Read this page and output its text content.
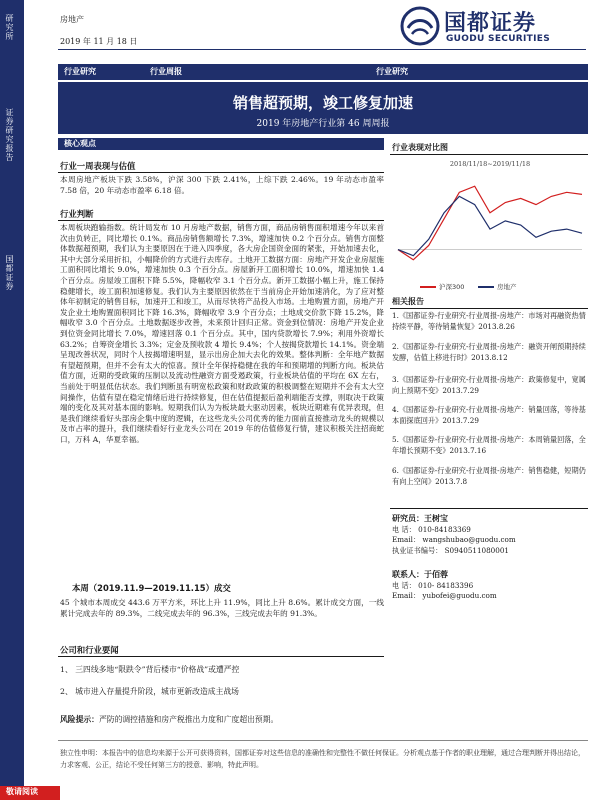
研究所
证券研究报告
国都证券
房地产
2019 年 11 月 18 日
国都证券
GUODU SECURITIES
行业研究	行业周报	行业研究
销售超预期，竣工修复加速
2019 年房地产行业第 46 周周报
核心观点
行业一周表现与估值
本周房地产板块下跌 3.58%，沪深 300 下跌 2.41%，上综下跌 2.46%。19 年动态市盈率 7.58 倍，20 年动态市盈率 6.18 倍。
行业判断
本周板块跑输指数。统计局发布 10 月房地产数据，销售方面，商品房销售面积增速今年以来首次由负转正，同比增长 0.1%。商品房销售额增长 7.3%，增速加快 0.2 个百分点。销售方面整体数据超预期，我们认为主要原因在于进入四季度，各大房企国资金面的紧张，开始加速去化，其中大部分采用折扣，小幅降价的方式进行去库存。土地开工数据方面：房地产开发企业房屋施工面积同比增长 9.0%，增速加快 0.3 个百分点。房屋新开工面积增长 10.0%，增速加快 1.4 个百分点。房屋竣工面积下降 5.5%，降幅收窄 3.1 个百分点。新开工数据小幅上升，施工保持稳健增长，竣工面积加速修复。我们认为主要原因依然在于当前房企开始加速消化，为了应对整体年初制定的销售目标，加速开工和竣工，从而尽快将产品投入市场。土地购置方面，房地产开发企业土地购置面积同比下降 16.3%，降幅收窄 3.9 个百分点；土地成交价款下降 15.2%，降幅收窄 3.0 个百分点。土地数据逐步改善，未来预计回归正常。资金到位情况：房地产开发企业到位资金同比增长 7.0%，增速回落 0.1 个百分点。其中，国内贷款增长 7.9%；利用外资增长 63.2%；自筹资金增长 3.3%；定金及预收款 4 增长 9.4%；个人按揭贷款增长 14.1%。资金端呈现改善状况，同时个人按揭增速明显，显示出房企加大去化的效果。整体判断：全年地产数据有望超预期，但并不会有太大的惊喜。预计全年保持稳健在我的年和预期增的判断方向。板块估值方面，近期的受政策的压制以及流动性融资方面受遏政策，行业板块估值的平均在 6X 左右，当前处于明显低估状态。我们判断虽有明宽松政策和财政政策的积极调整在短期并不会有太大空间操作，估值有望在稳定情绪后进行持续修复，但在估值提振后盈利端能否支撑，则取决于政策端的变化及其对基本面的影响。短期我们认为为板块最大驱动因素，板块近期难有优异表现，但是我们继续看好头部房企集中度的逻辑，在这些龙头公司优秀的能力面前直接推动龙头的规模以及市占率的提升，我们继续看好行业龙头公司在 2019 年的估值修复行情，建议积极关注招商蛇口，万科 A，华夏幸福。
本周（2019.11.9—2019.11.15）成交
45 个城市本周成交 443.6 万平方米，环比上升 11.9%，同比上升 8.6%。累计成交方面，一线累计完成去年的 89.3%，二线完成去年的 96.3%，三线完成去年的 91.3%。
公司和行业要闻
1、 三四线多地“限跌令”背后楼市“价格战”或遭严控
2、 城市进入存量提升阶段，城市更新改造成主战场
风险提示：严防的调控措施和房产税推出力度和广度超出预期。

独立性申明：本报告中的信息均来源于公开可获得资料，国都证券对这些信息的准确性和完整性不做任何保证。分析观点基于作者的职业理解，通过合理判断并得出结论，力求客观、公正，结论不受任何第三方的授意、影响，特此声明。

敬请阅读
行业表现对比图
2018/11/18~2019/11/18
沪深300	房地产
相关报告
1.《国都证券-行业研究-行业周报-房地产：市场对再融资热情持续平静，等待销量恢复》2013.8.26
2.《国都证券-行业研究-行业周报-房地产：融资开闸预期持续发酵，估值上移进行时》2013.8.12
3.《国都证券-行业研究-行业周报-房地产：政策修复中，宽属向上预期不变》2013.7.29
4.《国都证券-行业研究-行业周报-房地产：销量回落，等待基本面探底回升》2013.7.29
5.《国都证券-行业研究-行业周报-房地产：本周销量回落，全年增长预期不变》2013.7.16
6.《国都证券-行业研究-行业周报-房地产：销售稳健，短期仍有向上空间》2013.7.8
研究员：王树宝
电 话： 010-84183369
Email： wangshubao@guodu.com
执业证书编号： S0940511080001
联系人：于佰蓉
电 话： 010- 84183396
Email： yubofei@guodu.com
